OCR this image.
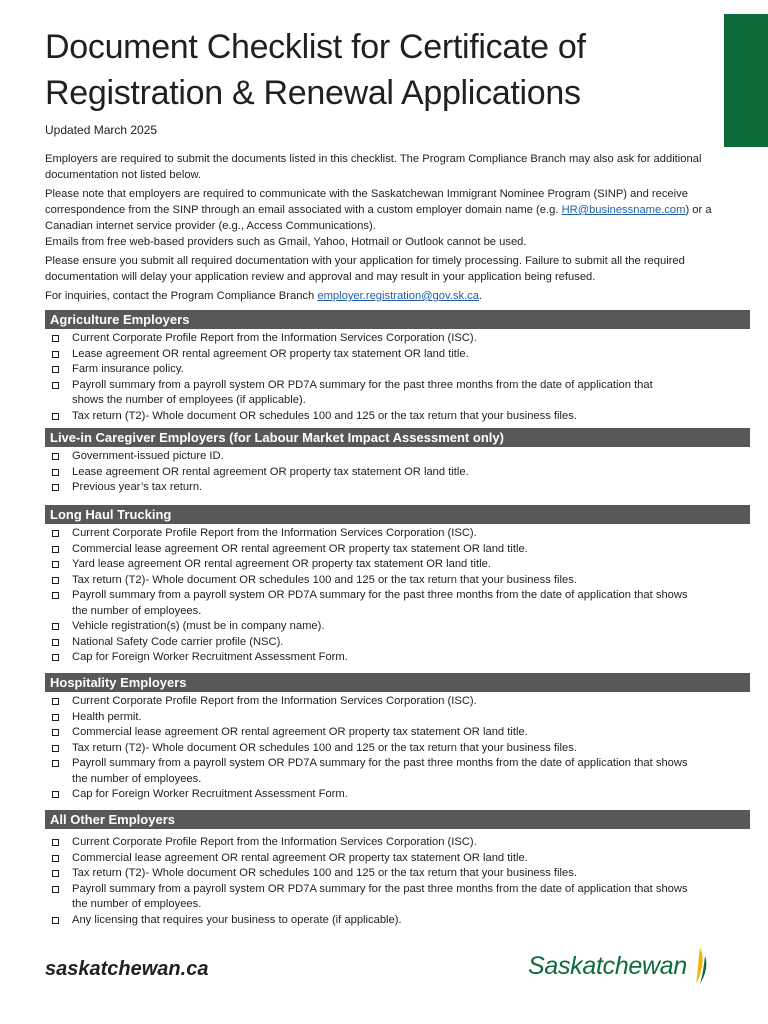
Document Checklist for Certificate of Registration & Renewal Applications
Updated March 2025

Employers are required to submit the documents listed in this checklist. The Program Compliance Branch may also ask for additional documentation not listed below.

Please note that employers are required to communicate with the Saskatchewan Immigrant Nominee Program (SINP) and receive correspondence from the SINP through an email associated with a custom employer domain name (e.g. HR@businessname.com) or a Canadian internet service provider (e.g., Access Communications).
Emails from free web-based providers such as Gmail, Yahoo, Hotmail or Outlook cannot be used.

Please ensure you submit all required documentation with your application for timely processing. Failure to submit all the required documentation will delay your application review and approval and may result in your application being refused.

For inquiries, contact the Program Compliance Branch employer.registration@gov.sk.ca.

Agriculture Employers
Current Corporate Profile Report from the Information Services Corporation (ISC).
Lease agreement OR rental agreement OR property tax statement OR land title.
Farm insurance policy.
Payroll summary from a payroll system OR PD7A summary for the past three months from the date of application that shows the number of employees (if applicable).
Tax return (T2)- Whole document OR schedules 100 and 125 or the tax return that your business files.
Live-in Caregiver Employers (for Labour Market Impact Assessment only)
Government-issued picture ID.
Lease agreement OR rental agreement OR property tax statement OR land title.
Previous year’s tax return.
Long Haul Trucking
Current Corporate Profile Report from the Information Services Corporation (ISC).
Commercial lease agreement OR rental agreement OR property tax statement OR land title.
Yard lease agreement OR rental agreement OR property tax statement OR land title.
Tax return (T2)- Whole document OR schedules 100 and 125 or the tax return that your business files.
Payroll summary from a payroll system OR PD7A summary for the past three months from the date of application that shows the number of employees.
Vehicle registration(s) (must be in company name).
National Safety Code carrier profile (NSC).
Cap for Foreign Worker Recruitment Assessment Form.
Hospitality Employers
Current Corporate Profile Report from the Information Services Corporation (ISC).
Health permit.
Commercial lease agreement OR rental agreement OR property tax statement OR land title.
Tax return (T2)- Whole document OR schedules 100 and 125 or the tax return that your business files.
Payroll summary from a payroll system OR PD7A summary for the past three months from the date of application that shows the number of employees.
Cap for Foreign Worker Recruitment Assessment Form.
All Other Employers
Current Corporate Profile Report from the Information Services Corporation (ISC).
Commercial lease agreement OR rental agreement OR property tax statement OR land title.
Tax return (T2)- Whole document OR schedules 100 and 125 or the tax return that your business files.
Payroll summary from a payroll system OR PD7A summary for the past three months from the date of application that shows the number of employees.
Any licensing that requires your business to operate (if applicable).
saskatchewan.ca	Saskatchewan
